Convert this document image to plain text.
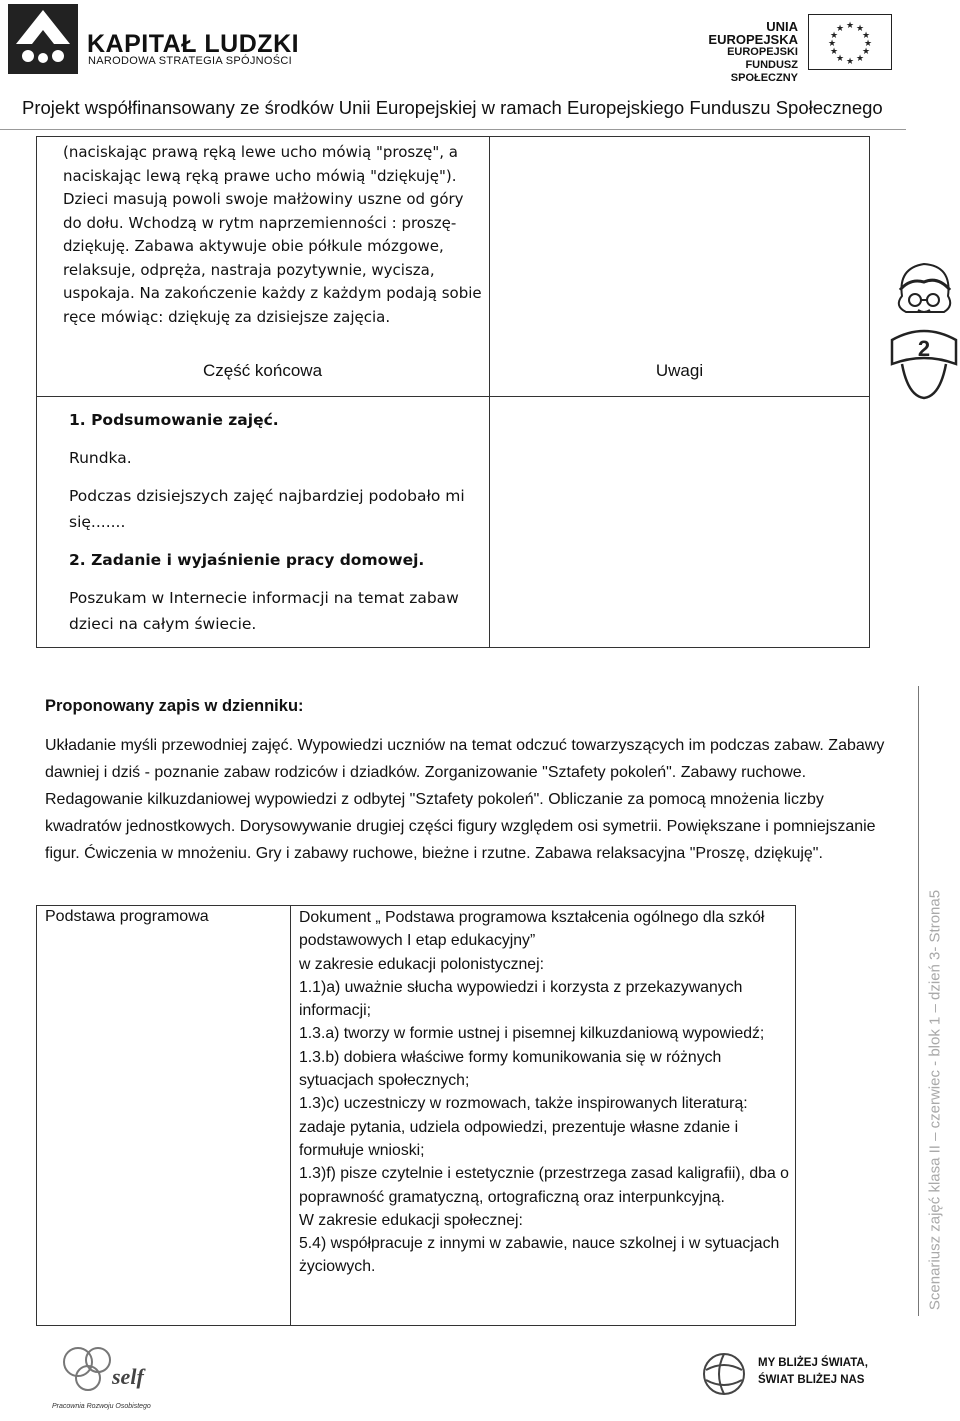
KAPITAŁ LUDZKI
NARODOWA STRATEGIA SPÓJNOŚCI
UNIA EUROPEJSKA
EUROPEJSKI
FUNDUSZ SPOŁECZNY
★ ★
★
★
★
★
★
★
★
★
★
★
Projekt współfinansowany ze środków Unii Europejskiej w ramach Europejskiego Funduszu Społecznego
(naciskając prawą ręką lewe ucho mówią "proszę", a naciskając lewą ręką prawe ucho mówią "dziękuję"). Dzieci masują powoli swoje małżowiny uszne od góry do dołu. Wchodzą w rytm naprzemienności : proszę-dziękuję. Zabawa aktywuje obie półkule mózgowe, relaksuje, odpręża, nastraja pozytywnie, wycisza, uspokaja. Na zakończenie każdy z każdym podają sobie ręce mówiąc: dziękuję za dzisiejsze zajęcia.
Część końcowa	Uwagi

1. Podsumowanie zajęć.

Rundka.

Podczas dzisiejszych zajęć najbardziej podobało mi się.......

2. Zadanie i wyjaśnienie pracy domowej.

Poszukam w Internecie informacji na temat zabaw dzieci na całym świecie.

2
Proponowany zapis w dzienniku:
Układanie myśli przewodniej zajęć. Wypowiedzi uczniów na temat odczuć towarzyszących im podczas zabaw. Zabawy dawniej i dziś - poznanie zabaw rodziców i dziadków. Zorganizowanie "Sztafety pokoleń". Zabawy ruchowe. Redagowanie kilkuzdaniowej wypowiedzi z odbytej "Sztafety pokoleń". Obliczanie za pomocą mnożenia liczby kwadratów jednostkowych. Dorysowywanie drugiej części figury względem osi symetrii. Powiększane i pomniejszanie figur. Ćwiczenia w mnożeniu. Gry i zabawy ruchowe, bieżne i rzutne. Zabawa relaksacyjna "Proszę, dziękuję".
Podstawa programowa	Dokument „ Podstawa programowa kształcenia ogólnego dla szkół podstawowych I etap edukacyjny”
w zakresie edukacji polonistycznej:
1.1)a) uważnie słucha wypowiedzi i korzysta z przekazywanych informacji;
1.3.a) tworzy w formie ustnej i pisemnej kilkuzdaniową wypowiedź;
1.3.b) dobiera właściwe formy komunikowania się w różnych sytuacjach społecznych;
1.3)c) uczestniczy w rozmowach, także inspirowanych literaturą: zadaje pytania, udziela odpowiedzi, prezentuje własne zdanie i formułuje wnioski;
1.3)f) pisze czytelnie i estetycznie (przestrzega zasad kaligrafii), dba o poprawność gramatyczną, ortograficzną oraz interpunkcyjną.
W zakresie edukacji społecznej:
5.4) współpracuje z innymi w zabawie, nauce szkolnej i w sytuacjach życiowych.	Scenariusz zajęć klasa II – czerwiec - blok 1 – dzień 3- Strona5
self
Pracownia Rozwoju Osobistego
MY BLIŻEJ ŚWIATA,
ŚWIAT BLIŻEJ NAS
